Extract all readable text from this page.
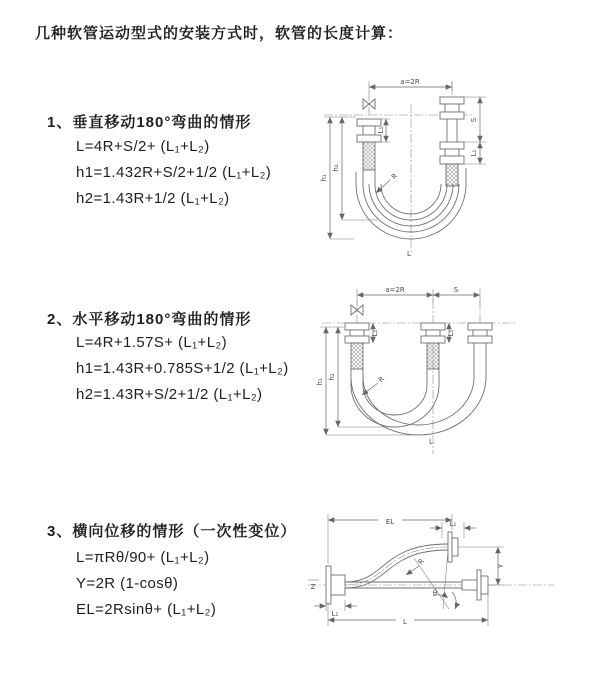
几种软管运动型式的安装方式时，软管的长度计算：
1、垂直移动180°弯曲的情形
L=4R+S/2+ (L₁+L₂)
h1=1.432R+S/2+1/2 (L₁+L₂)
h2=1.43R+1/2 (L₁+L₂)
2、水平移动180°弯曲的情形
L=4R+1.57S+ (L₁+L₂)
h1=1.43R+0.785S+1/2 (L₁+L₂)
h2=1.43R+S/2+1/2 (L₁+L₂)
3、横向位移的情形（一次性变位）
L=πRθ/90+ (L₁+L₂)
Y=2R (1-cosθ)
EL=2Rsinθ+ (L₁+L₂)
a=2R
h₁
h₂
L₁
S
L₁
R
L
a=2R	S
h₁
h₂
L₁	L₁
R
L
EL	L₁
Y
θ
R
L
L₁
Z
